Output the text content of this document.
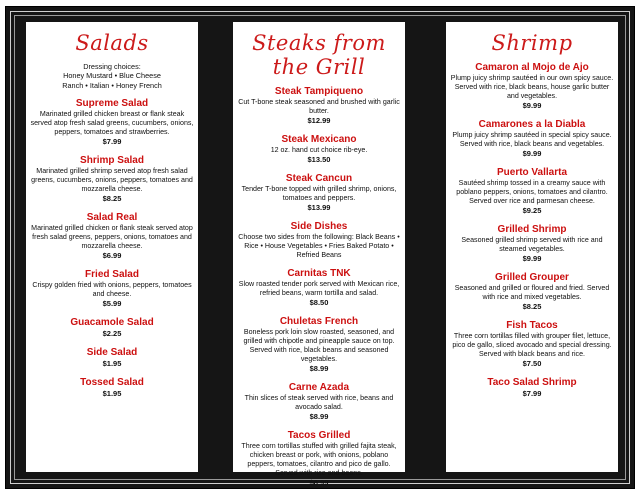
Salads
Dressing choices:
Honey Mustard • Blue Cheese
Ranch • Italian • Honey French
Supreme Salad
Marinated grilled chicken breast or flank steak served atop fresh salad greens, cucumbers, onions, peppers, tomatoes and strawberries.
$7.99
Shrimp Salad
Marinated grilled shrimp served atop fresh salad greens, cucumbers, onions, peppers, tomatoes and mozzarella cheese.
$8.25
Salad Real
Marinated grilled chicken or flank steak served atop fresh salad greens, peppers, onions, tomatoes and mozzarella cheese.
$6.99
Fried Salad
Crispy golden fried with onions, peppers, tomatoes and cheese.
$5.99
Guacamole Salad
$2.25
Side Salad
$1.95
Tossed Salad
$1.95
Steaks from the Grill
Steak Tampiqueno
Cut T-bone steak seasoned and brushed with garlic butter.
$12.99
Steak Mexicano
12 oz. hand cut choice rib-eye.
$13.50
Steak Cancun
Tender T-bone topped with grilled shrimp, onions, tomatoes and peppers.
$13.99
Side Dishes
Choose two sides from the following: Black Beans • Rice • House Vegetables • Fries Baked Potato • Refried Beans
Carnitas TNK
Slow roasted tender pork served with Mexican rice, refried beans, warm tortilla and salad.
$8.50
Chuletas French
Boneless pork loin slow roasted, seasoned, and grilled with chipotle and pineapple sauce on top. Served with rice, black beans and seasoned vegetables.
$8.99
Carne Azada
Thin slices of steak served with rice, beans and avocado salad.
$8.99
Tacos Grilled
Three corn tortillas stuffed with grilled fajita steak, chicken breast or pork, with onions, poblano peppers, tomatoes, cilantro and pico de gallo. Served with rice and beans.
$8.99
Shrimp
Camaron al Mojo de Ajo
Plump juicy shrimp sautéed in our own spicy sauce. Served with rice, black beans, house garlic butter and vegetables.
$9.99
Camarones a la Diabla
Plump juicy shrimp sautéed in special spicy sauce. Served with rice, black beans and vegetables.
$9.99
Puerto Vallarta
Sautéed shrimp tossed in a creamy sauce with poblano peppers, onions, tomatoes and cilantro. Served over rice and parmesan cheese.
$9.25
Grilled Shrimp
Seasoned grilled shrimp served with rice and steamed vegetables.
$9.99
Grilled Grouper
Seasoned and grilled or floured and fried. Served with rice and mixed vegetables.
$8.25
Fish Tacos
Three corn tortillas filled with grouper filet, lettuce, pico de gallo, sliced avocado and special dressing. Served with black beans and rice.
$7.50
Taco Salad Shrimp
$7.99
